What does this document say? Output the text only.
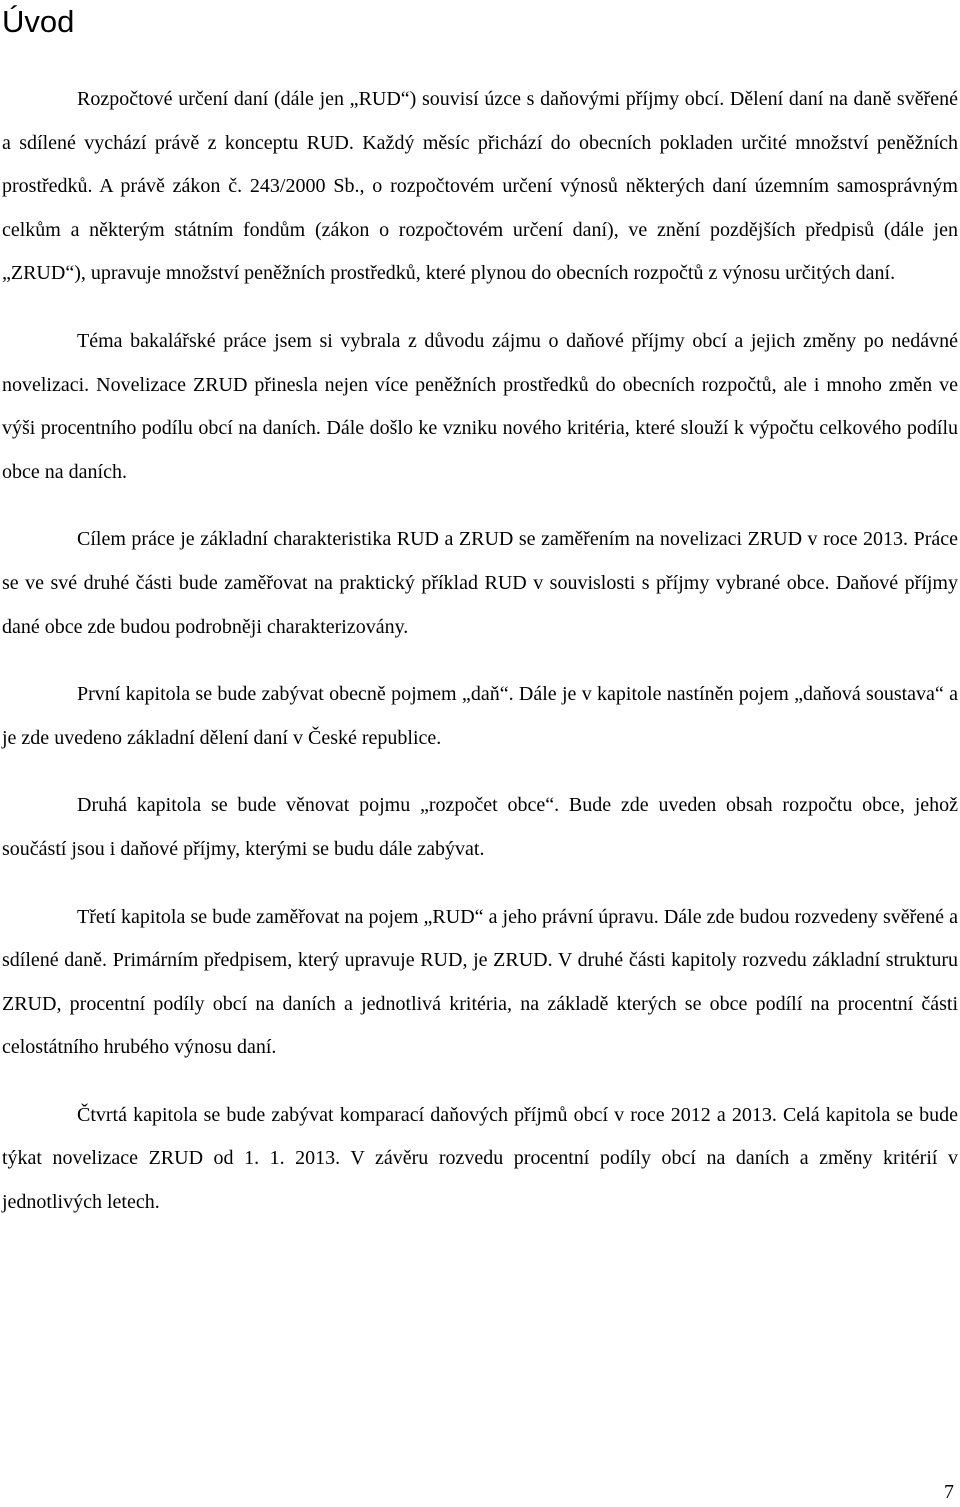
Úvod

Rozpočtové určení daní (dále jen „RUD“) souvisí úzce s daňovými příjmy obcí. Dělení daní na daně svěřené a sdílené vychází právě z konceptu RUD. Každý měsíc přichází do obecních pokladen určité množství peněžních prostředků. A právě zákon č. 243/2000 Sb., o rozpočtovém určení výnosů některých daní územním samosprávným celkům a některým státním fondům (zákon o rozpočtovém určení daní), ve znění pozdějších předpisů (dále jen „ZRUD“), upravuje množství peněžních prostředků, které plynou do obecních rozpočtů z výnosu určitých daní.

Téma bakalářské práce jsem si vybrala z důvodu zájmu o daňové příjmy obcí a jejich změny po nedávné novelizaci. Novelizace ZRUD přinesla nejen více peněžních prostředků do obecních rozpočtů, ale i mnoho změn ve výši procentního podílu obcí na daních. Dále došlo ke vzniku nového kritéria, které slouží k výpočtu celkového podílu obce na daních.

Cílem práce je základní charakteristika RUD a ZRUD se zaměřením na novelizaci ZRUD v roce 2013. Práce se ve své druhé části bude zaměřovat na praktický příklad RUD v souvislosti s příjmy vybrané obce. Daňové příjmy dané obce zde budou podrobněji charakterizovány.

První kapitola se bude zabývat obecně pojmem „daň“. Dále je v kapitole nastíněn pojem „daňová soustava“ a je zde uvedeno základní dělení daní v České republice.

Druhá kapitola se bude věnovat pojmu „rozpočet obce“. Bude zde uveden obsah rozpočtu obce, jehož součástí jsou i daňové příjmy, kterými se budu dále zabývat.

Třetí kapitola se bude zaměřovat na pojem „RUD“ a jeho právní úpravu. Dále zde budou rozvedeny svěřené a sdílené daně. Primárním předpisem, který upravuje RUD, je ZRUD. V druhé části kapitoly rozvedu základní strukturu ZRUD, procentní podíly obcí na daních a jednotlivá kritéria, na základě kterých se obce podílí na procentní části celostátního hrubého výnosu daní.

Čtvrtá kapitola se bude zabývat komparací daňových příjmů obcí v roce 2012 a 2013. Celá kapitola se bude týkat novelizace ZRUD od 1. 1. 2013. V závěru rozvedu procentní podíly obcí na daních a změny kritérií v jednotlivých letech.

7
